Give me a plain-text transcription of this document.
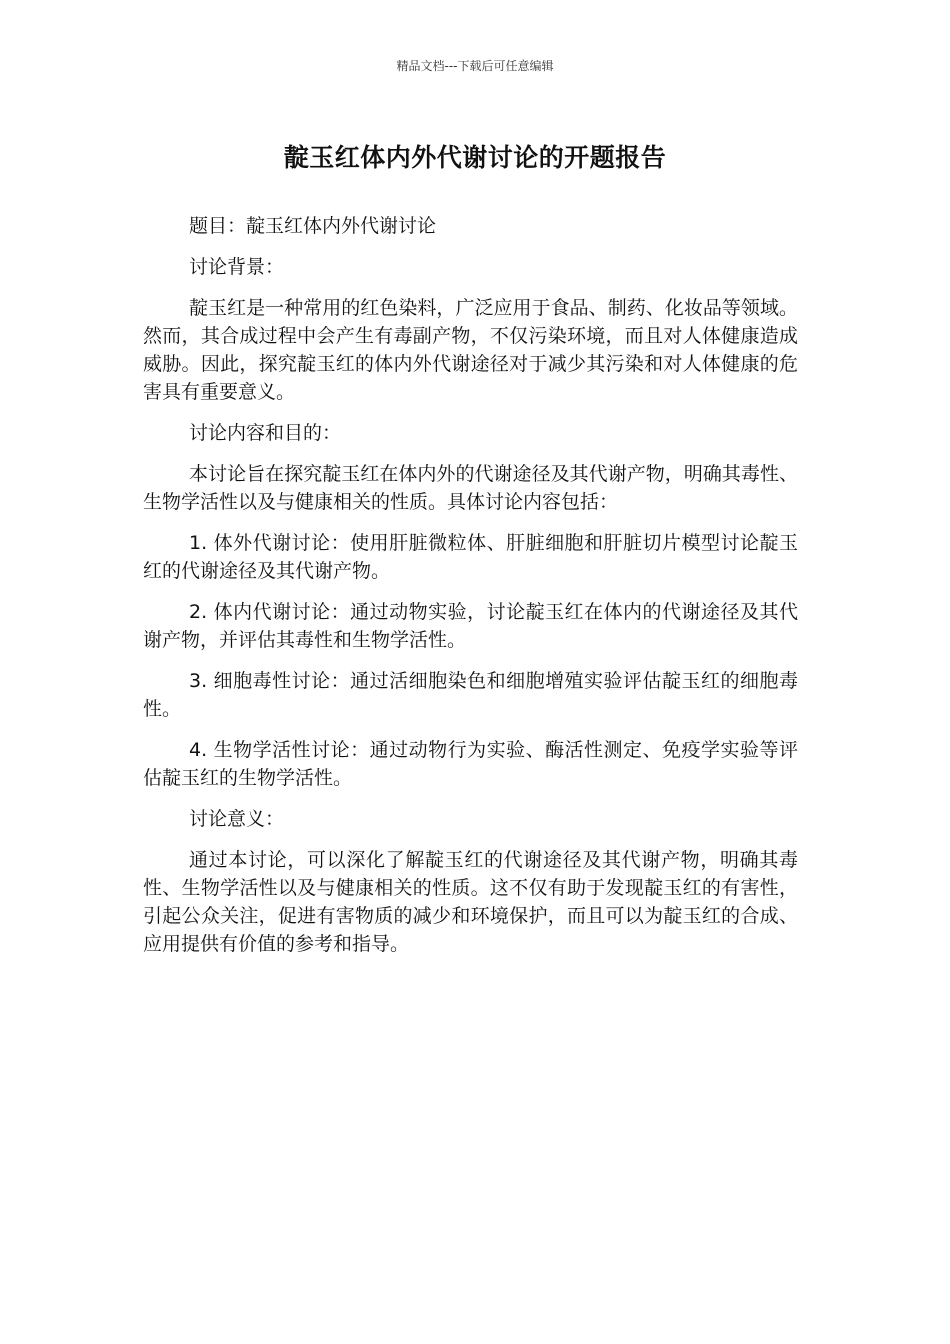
精品文档---下载后可任意编辑
靛玉红体内外代谢讨论的开题报告

题目：靛玉红体内外代谢讨论

讨论背景：

靛玉红是一种常用的红色染料，广泛应用于食品、制药、化妆品等领域。然而，其合成过程中会产生有毒副产物，不仅污染环境，而且对人体健康造成威胁。因此，探究靛玉红的体内外代谢途径对于减少其污染和对人体健康的危害具有重要意义。

讨论内容和目的：

本讨论旨在探究靛玉红在体内外的代谢途径及其代谢产物，明确其毒性、生物学活性以及与健康相关的性质。具体讨论内容包括：

1. 体外代谢讨论：使用肝脏微粒体、肝脏细胞和肝脏切片模型讨论靛玉红的代谢途径及其代谢产物。

2. 体内代谢讨论：通过动物实验，讨论靛玉红在体内的代谢途径及其代谢产物，并评估其毒性和生物学活性。

3. 细胞毒性讨论：通过活细胞染色和细胞增殖实验评估靛玉红的细胞毒性。

4. 生物学活性讨论：通过动物行为实验、酶活性测定、免疫学实验等评估靛玉红的生物学活性。

讨论意义：

通过本讨论，可以深化了解靛玉红的代谢途径及其代谢产物，明确其毒性、生物学活性以及与健康相关的性质。这不仅有助于发现靛玉红的有害性，引起公众关注，促进有害物质的减少和环境保护，而且可以为靛玉红的合成、应用提供有价值的参考和指导。
